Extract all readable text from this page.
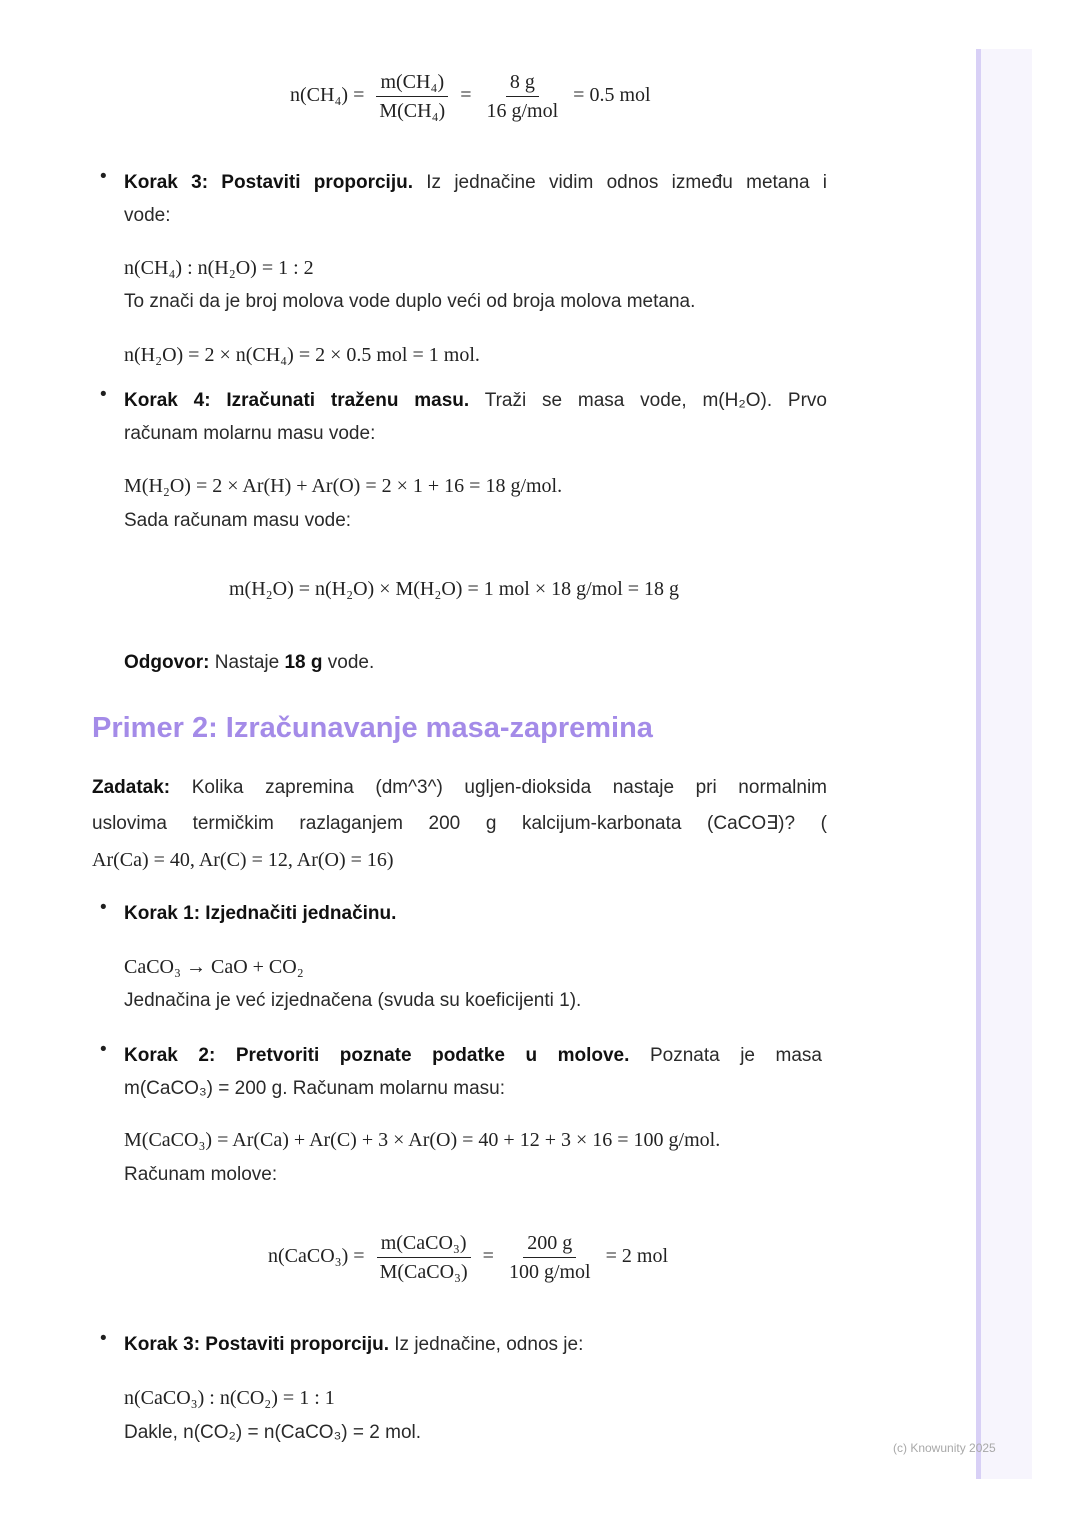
(c) Knowunity 2025
$n(CH_4) = \frac{\text{m(CH₄)}}{\text{M(CH₄)}} = \frac{8 g}{\text{16 g/mol}} = 0.5$ mol
• Korak 3: Postaviti proporciju. Iz jednačine vidim odnos između metana i
vode:
n(CH₄) : n(H₂O) = 1 : 2
To znači da je broj molova vode duplo veći od broja molova metana.
n(H₂O) = 2 × n(CH₄) = 2 × 0.5 mol = 1 mol.
• Korak 4: Izračunati traženu masu. Traži se masa vode, m(H₂O). Prvo
računam molarnu masu vode:
M(H₂O) = 2 × Ar(H) + Ar(O) = 2 × 1 + 16 = 18 g/mol.
Sada računam masu vode:
m(H₂O) = n(H₂O) × M(H₂O) = 1 mol × 18 g/mol = 18 g
Odgovor: Nastaje 18 g vode.
Primer 2: Izračunavanje masa-zapremina
Zadatak: Kolika zapremina (dm^3^) ugljen-dioksida nastaje pri normalnim
uslovima termičkim razlaganjem 200 g kalcijum-karbonata (CaCO∃)? (
Ar(Ca) = 40, Ar(C) = 12, Ar(O) = 16)
• Korak 1: Izjednačiti jednačinu.
CaCO₃ → CaO + CO₂
Jednačina je već izjednačena (svuda su koeficijenti 1).
• Korak 2: Pretvoriti poznate podatke u molove. Poznata je masa
m(CaCO₃) = 200 g. Računam molarnu masu:
M(CaCO₃) = Ar(Ca) + Ar(C) + 3 × Ar(O) = 40 + 12 + 3 × 16 = 100 g/mol.
Računam molove:
n(CaCO₃) = $\frac{\text{m(CaCO₃)}}{\text{M(CaCO₃)}} = \frac{200 g}{\text{100 g/mol}} = 2$ mol
• Korak 3: Postaviti proporciju. Iz jednačine, odnos je:
n(CaCO₃) : n(CO₂) = 1 : 1
Dakle, n(CO₂) = n(CaCO₃) = 2 mol.
